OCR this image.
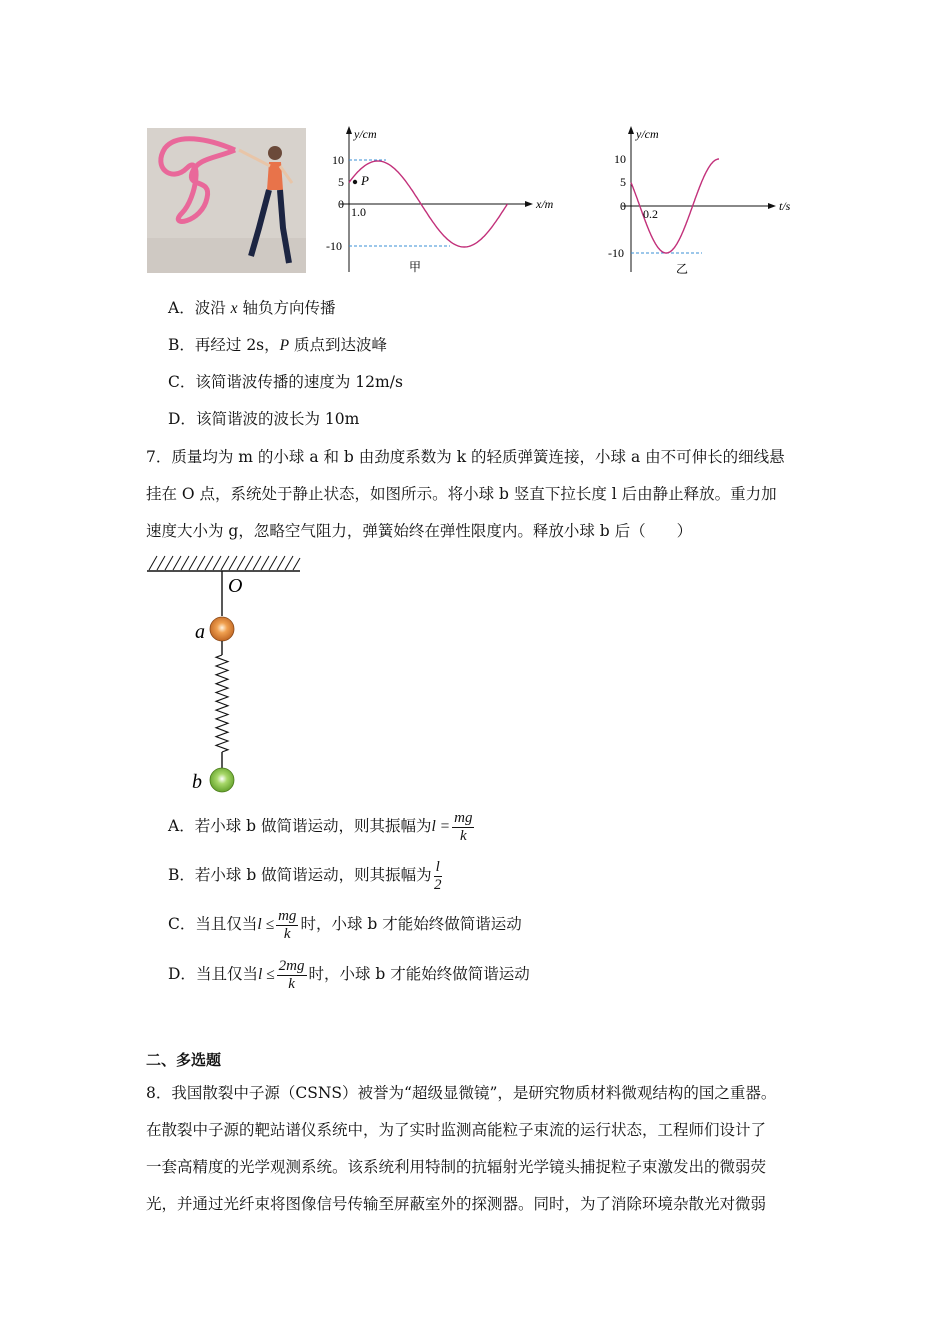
P
y/cm
x/m
10
5
0
-10
1.0
甲
y/cm
t/s
10
5
0
-10
0.2
乙
A．波沿 x 轴负方向传播
B．再经过 2s，P 质点到达波峰
C．该简谐波传播的速度为 12m/s
D．该简谐波的波长为 10m
7．质量均为 m 的小球 a 和 b 由劲度系数为 k 的轻质弹簧连接，小球 a 由不可伸长的细线悬
挂在 O 点，系统处于静止状态，如图所示。将小球 b 竖直下拉长度 l 后由静止释放。重力加
速度大小为 g，忽略空气阻力，弹簧始终在弹性限度内。释放小球 b 后（　　）
O
a
b
A．若小球 b 做简谐运动，则其振幅为$l = \frac{mg}{k}$
B．若小球 b 做简谐运动，则其振幅为 $\frac{l}{2}$
C．当且仅当$l \le \frac{mg}{k}$ 时，小球 b 才能始终做简谐运动
D．当且仅当$l \le \frac{2mg}{k}$ 时，小球 b 才能始终做简谐运动
二、多选题
8．我国散裂中子源（CSNS）被誉为“超级显微镜”，是研究物质材料微观结构的国之重器。
在散裂中子源的靶站谱仪系统中，为了实时监测高能粒子束流的运行状态，工程师们设计了
一套高精度的光学观测系统。该系统利用特制的抗辐射光学镜头捕捉粒子束激发出的微弱荧
光，并通过光纤束将图像信号传输至屏蔽室外的探测器。同时，为了消除环境杂散光对微弱
